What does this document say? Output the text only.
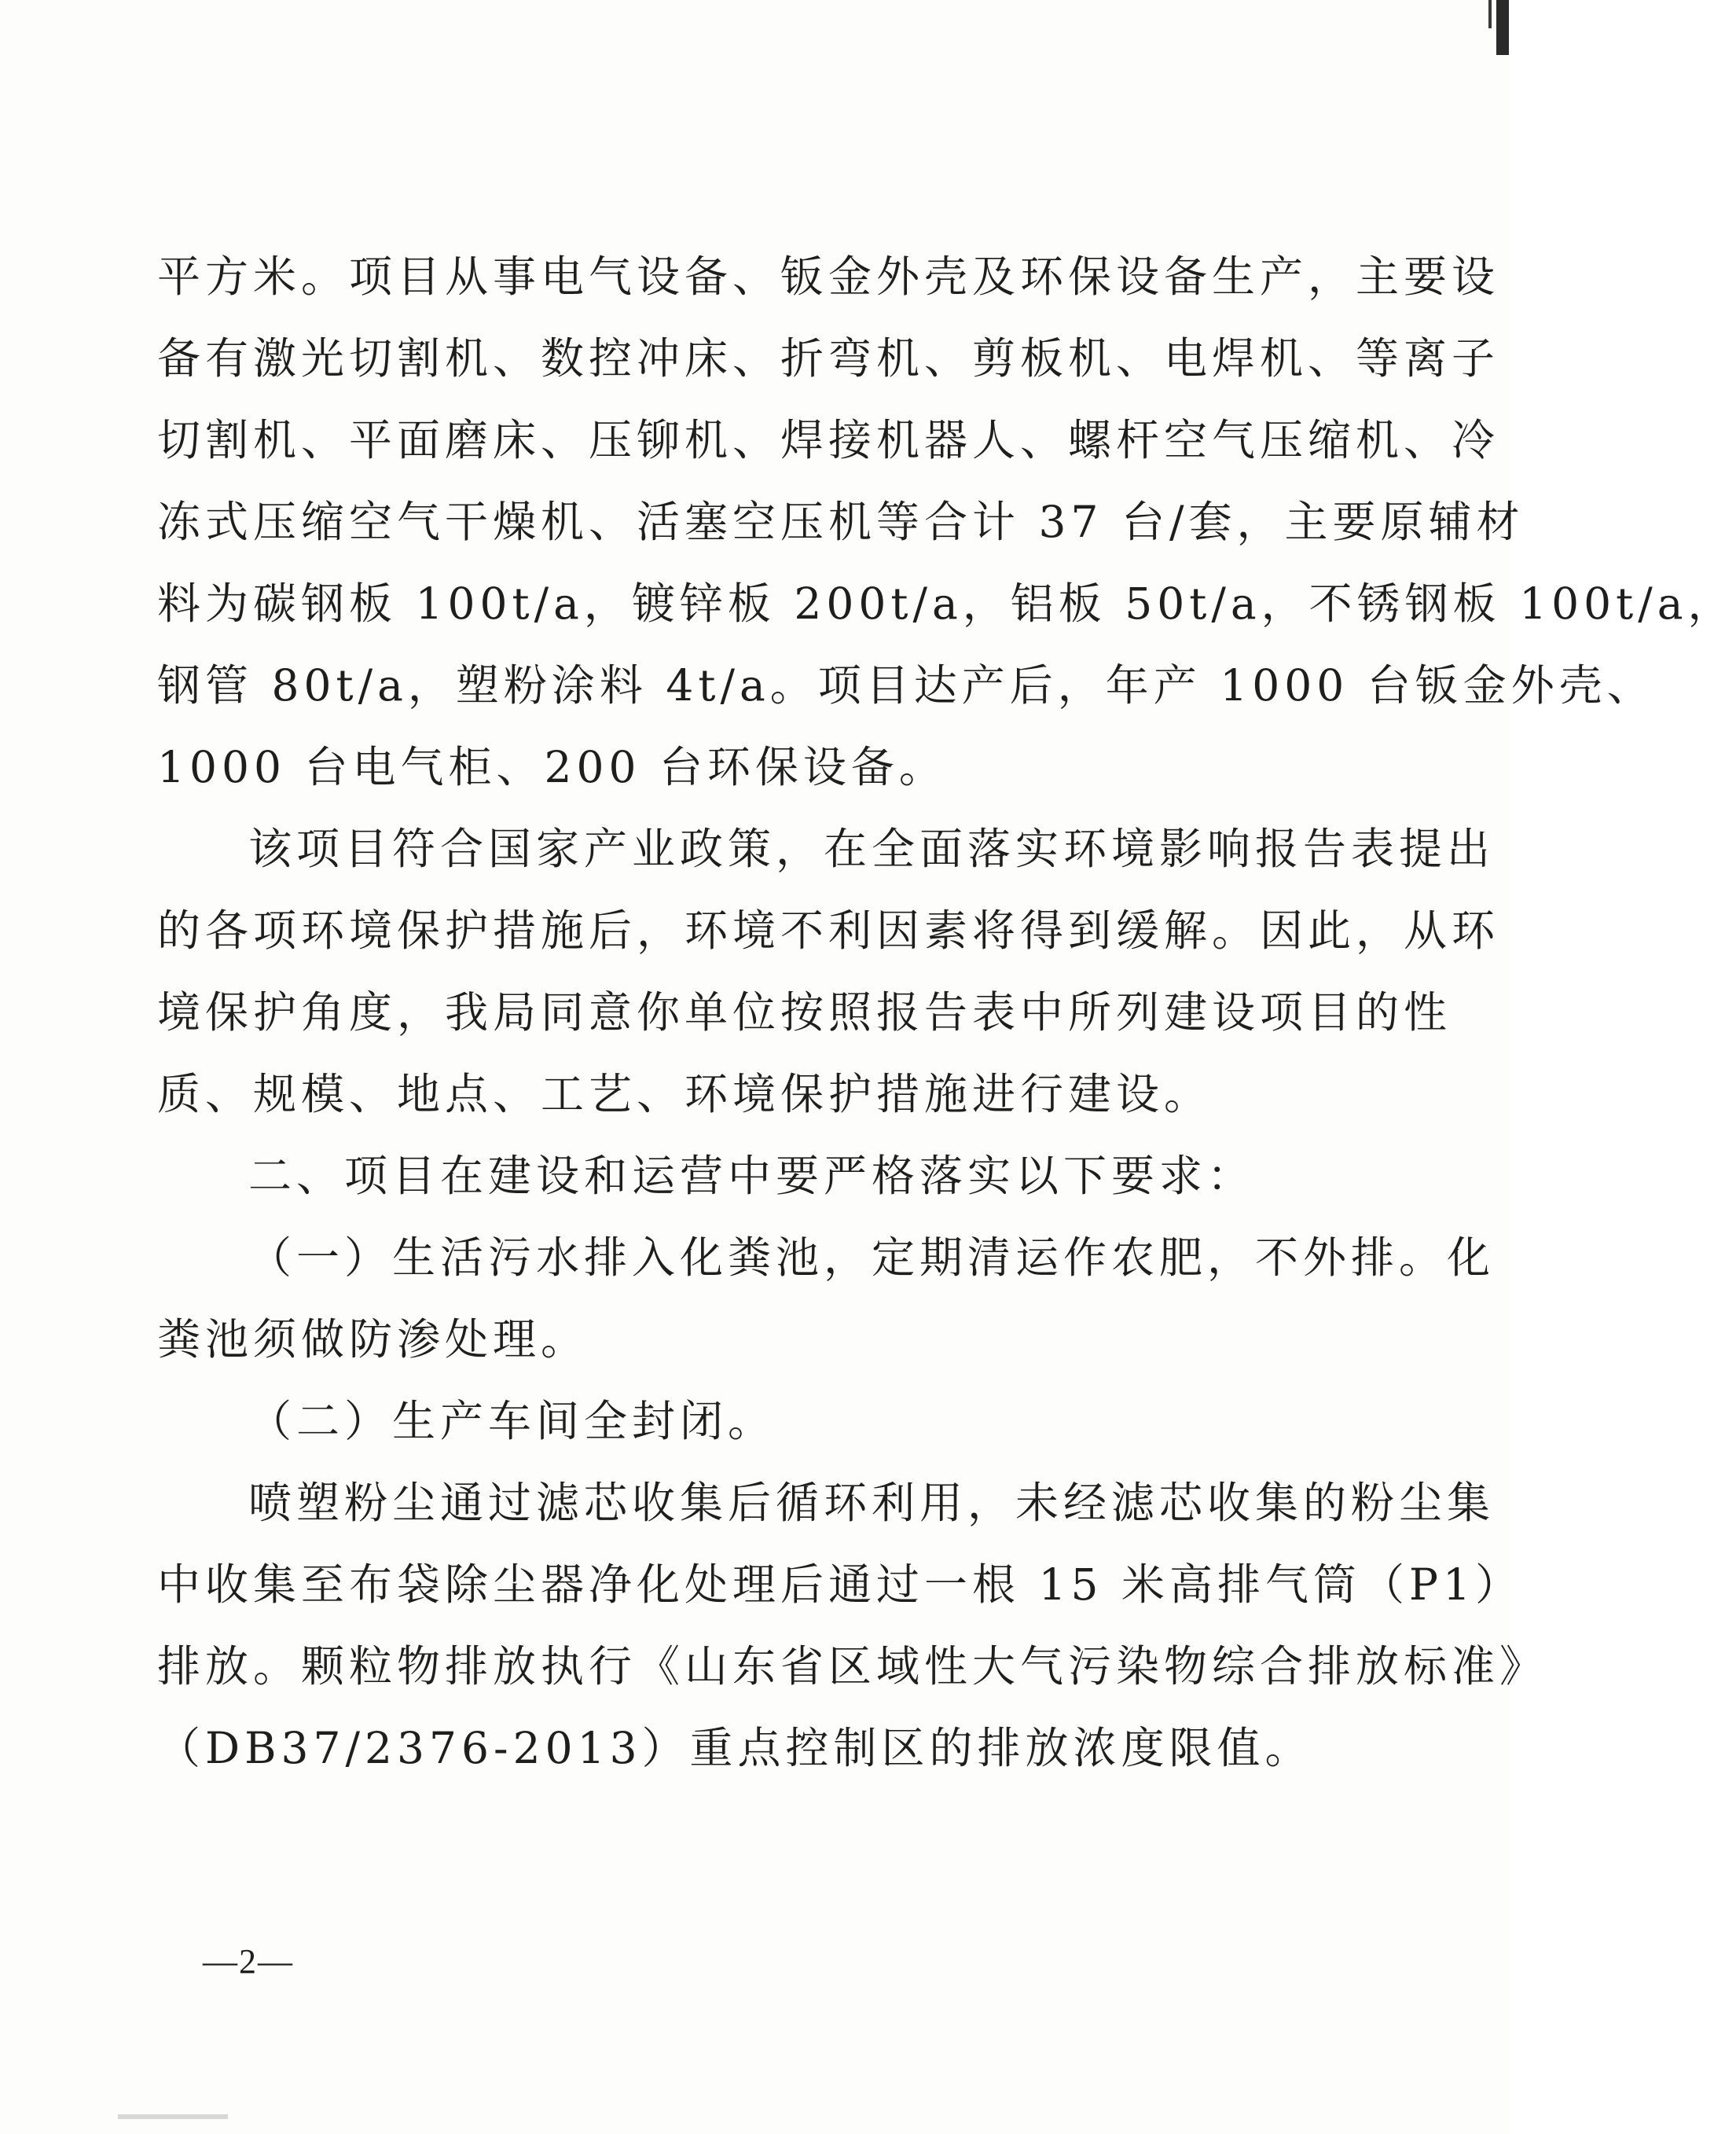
平方米。项目从事电气设备、钣金外壳及环保设备生产，主要设
备有激光切割机、数控冲床、折弯机、剪板机、电焊机、等离子
切割机、平面磨床、压铆机、焊接机器人、螺杆空气压缩机、冷
冻式压缩空气干燥机、活塞空压机等合计 37 台/套，主要原辅材
料为碳钢板 100t/a，镀锌板 200t/a，铝板 50t/a，不锈钢板 100t/a，
钢管 80t/a，塑粉涂料 4t/a。项目达产后，年产 1000 台钣金外壳、
1000 台电气柜、200 台环保设备。
该项目符合国家产业政策，在全面落实环境影响报告表提出
的各项环境保护措施后，环境不利因素将得到缓解。因此，从环
境保护角度，我局同意你单位按照报告表中所列建设项目的性
质、规模、地点、工艺、环境保护措施进行建设。
二、项目在建设和运营中要严格落实以下要求：
（一）生活污水排入化粪池，定期清运作农肥，不外排。化
粪池须做防渗处理。
（二）生产车间全封闭。
喷塑粉尘通过滤芯收集后循环利用，未经滤芯收集的粉尘集
中收集至布袋除尘器净化处理后通过一根 15 米高排气筒（P1）
排放。颗粒物排放执行《山东省区域性大气污染物综合排放标准》
（DB37/2376-2013）重点控制区的排放浓度限值。
—2—
